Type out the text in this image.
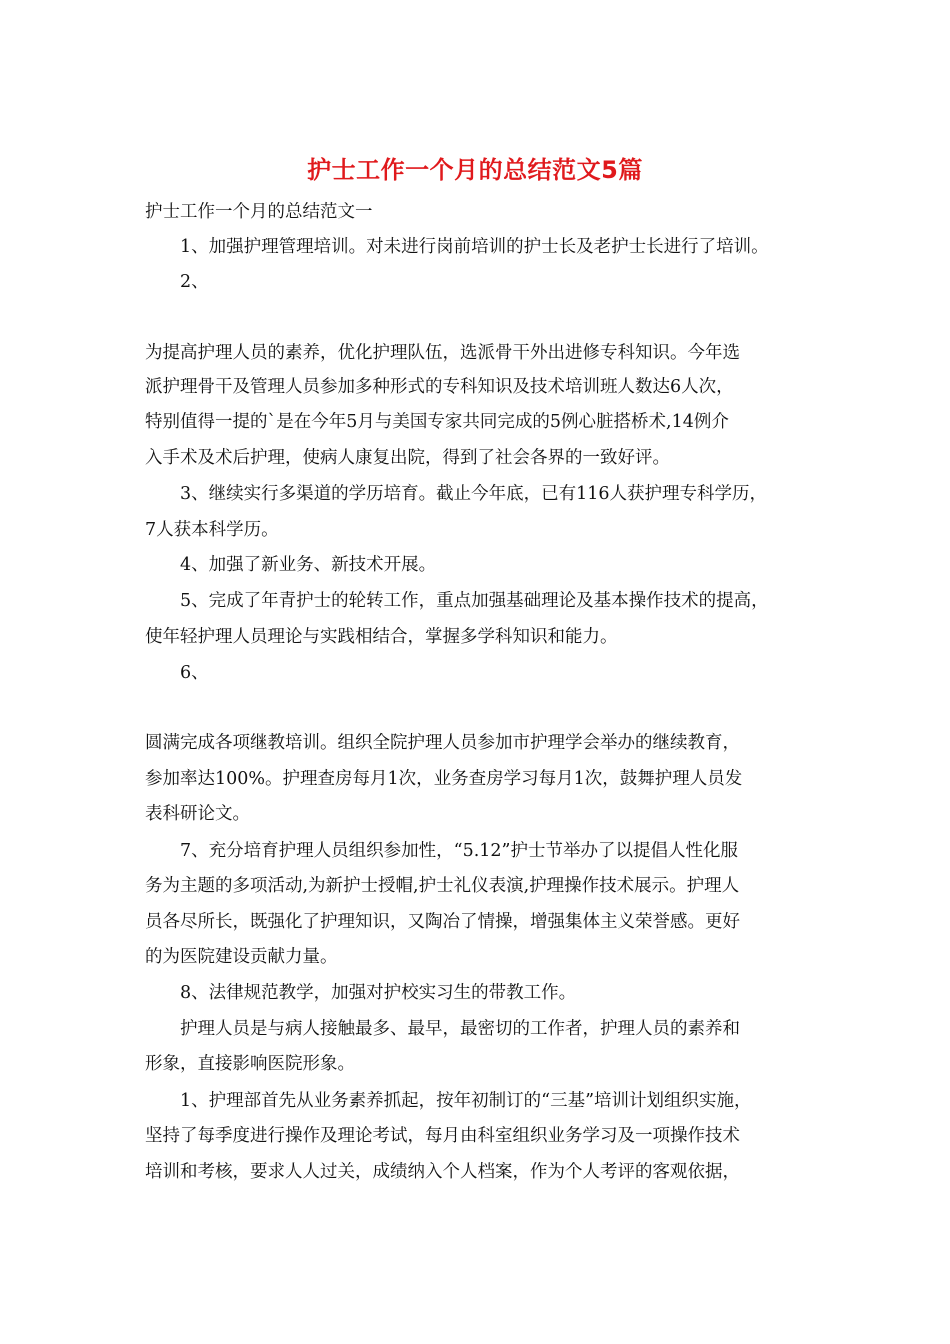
护士工作一个月的总结范文5篇
护士工作一个月的总结范文一
1、加强护理管理培训。对未进行岗前培训的护士长及老护士长进行了培训。
2、
为提高护理人员的素养，优化护理队伍，选派骨干外出进修专科知识。今年选
派护理骨干及管理人员参加多种形式的专科知识及技术培训班人数达6人次，
特别值得一提的`是在今年5月与美国专家共同完成的5例心脏搭桥术,14例介
入手术及术后护理，使病人康复出院，得到了社会各界的一致好评。
3、继续实行多渠道的学历培育。截止今年底，已有116人获护理专科学历，
7人获本科学历。
4、加强了新业务、新技术开展。
5、完成了年青护士的轮转工作，重点加强基础理论及基本操作技术的提高，
使年轻护理人员理论与实践相结合，掌握多学科知识和能力。
6、
圆满完成各项继教培训。组织全院护理人员参加市护理学会举办的继续教育，
参加率达100%。护理查房每月1次，业务查房学习每月1次，鼓舞护理人员发
表科研论文。
7、充分培育护理人员组织参加性，“5.12”护士节举办了以提倡人性化服
务为主题的多项活动,为新护士授帽,护士礼仪表演,护理操作技术展示。护理人
员各尽所长，既强化了护理知识，又陶冶了情操，增强集体主义荣誉感。更好
的为医院建设贡献力量。
8、法律规范教学，加强对护校实习生的带教工作。
护理人员是与病人接触最多、最早，最密切的工作者，护理人员的素养和
形象，直接影响医院形象。
1、护理部首先从业务素养抓起，按年初制订的“三基”培训计划组织实施，
坚持了每季度进行操作及理论考试，每月由科室组织业务学习及一项操作技术
培训和考核，要求人人过关，成绩纳入个人档案，作为个人考评的客观依据，
